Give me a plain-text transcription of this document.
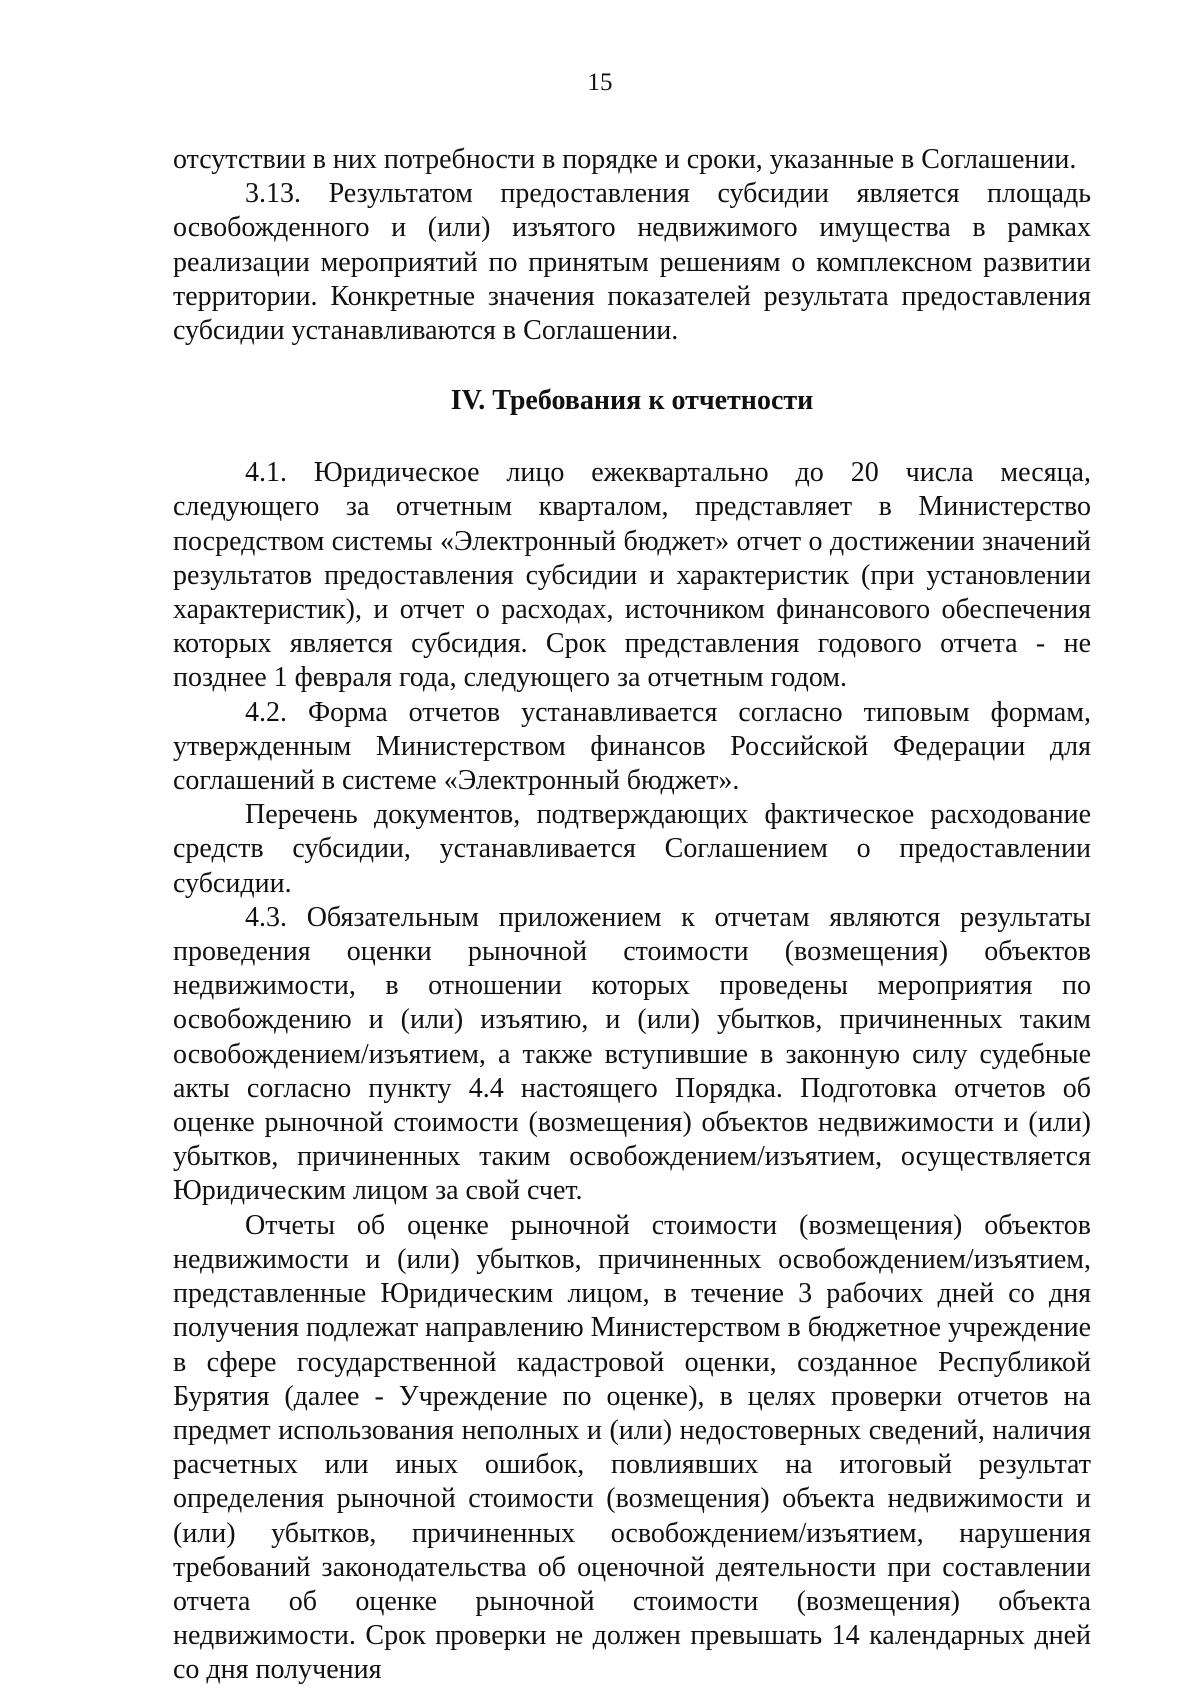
15

отсутствии в них потребности в порядке и сроки, указанные в Соглашении.

3.13. Результатом предоставления субсидии является площадь освобожденного и (или) изъятого недвижимого имущества в рамках реализации мероприятий по принятым решениям о комплексном развитии территории. Конкретные значения показателей результата предоставления субсидии устанавливаются в Соглашении.

IV. Требования к отчетности

4.1. Юридическое лицо ежеквартально до 20 числа месяца, следующего за отчетным кварталом, представляет в Министерство посредством системы «Электронный бюджет» отчет о достижении значений результатов предоставления субсидии и характеристик (при установлении характеристик), и отчет о расходах, источником финансового обеспечения которых является субсидия. Срок представления годового отчета - не позднее 1 февраля года, следующего за отчетным годом.

4.2. Форма отчетов устанавливается согласно типовым формам, утвержденным Министерством финансов Российской Федерации для соглашений в системе «Электронный бюджет».

Перечень документов, подтверждающих фактическое расходование средств субсидии, устанавливается Соглашением о предоставлении субсидии.

4.3. Обязательным приложением к отчетам являются результаты проведения оценки рыночной стоимости (возмещения) объектов недвижимости, в отношении которых проведены мероприятия по освобождению и (или) изъятию, и (или) убытков, причиненных таким освобождением/изъятием, а также вступившие в законную силу судебные акты согласно пункту 4.4 настоящего Порядка. Подготовка отчетов об оценке рыночной стоимости (возмещения) объектов недвижимости и (или) убытков, причиненных таким освобождением/изъятием, осуществляется Юридическим лицом за свой счет.

Отчеты об оценке рыночной стоимости (возмещения) объектов недвижимости и (или) убытков, причиненных освобождением/изъятием, представленные Юридическим лицом, в течение 3 рабочих дней со дня получения подлежат направлению Министерством в бюджетное учреждение в сфере государственной кадастровой оценки, созданное Республикой Бурятия (далее - Учреждение по оценке), в целях проверки отчетов на предмет использования неполных и (или) недостоверных сведений, наличия расчетных или иных ошибок, повлиявших на итоговый результат определения рыночной стоимости (возмещения) объекта недвижимости и (или) убытков, причиненных освобождением/изъятием, нарушения требований законодательства об оценочной деятельности при составлении отчета об оценке рыночной стоимости (возмещения) объекта недвижимости. Срок проверки не должен превышать 14 календарных дней со дня получения
